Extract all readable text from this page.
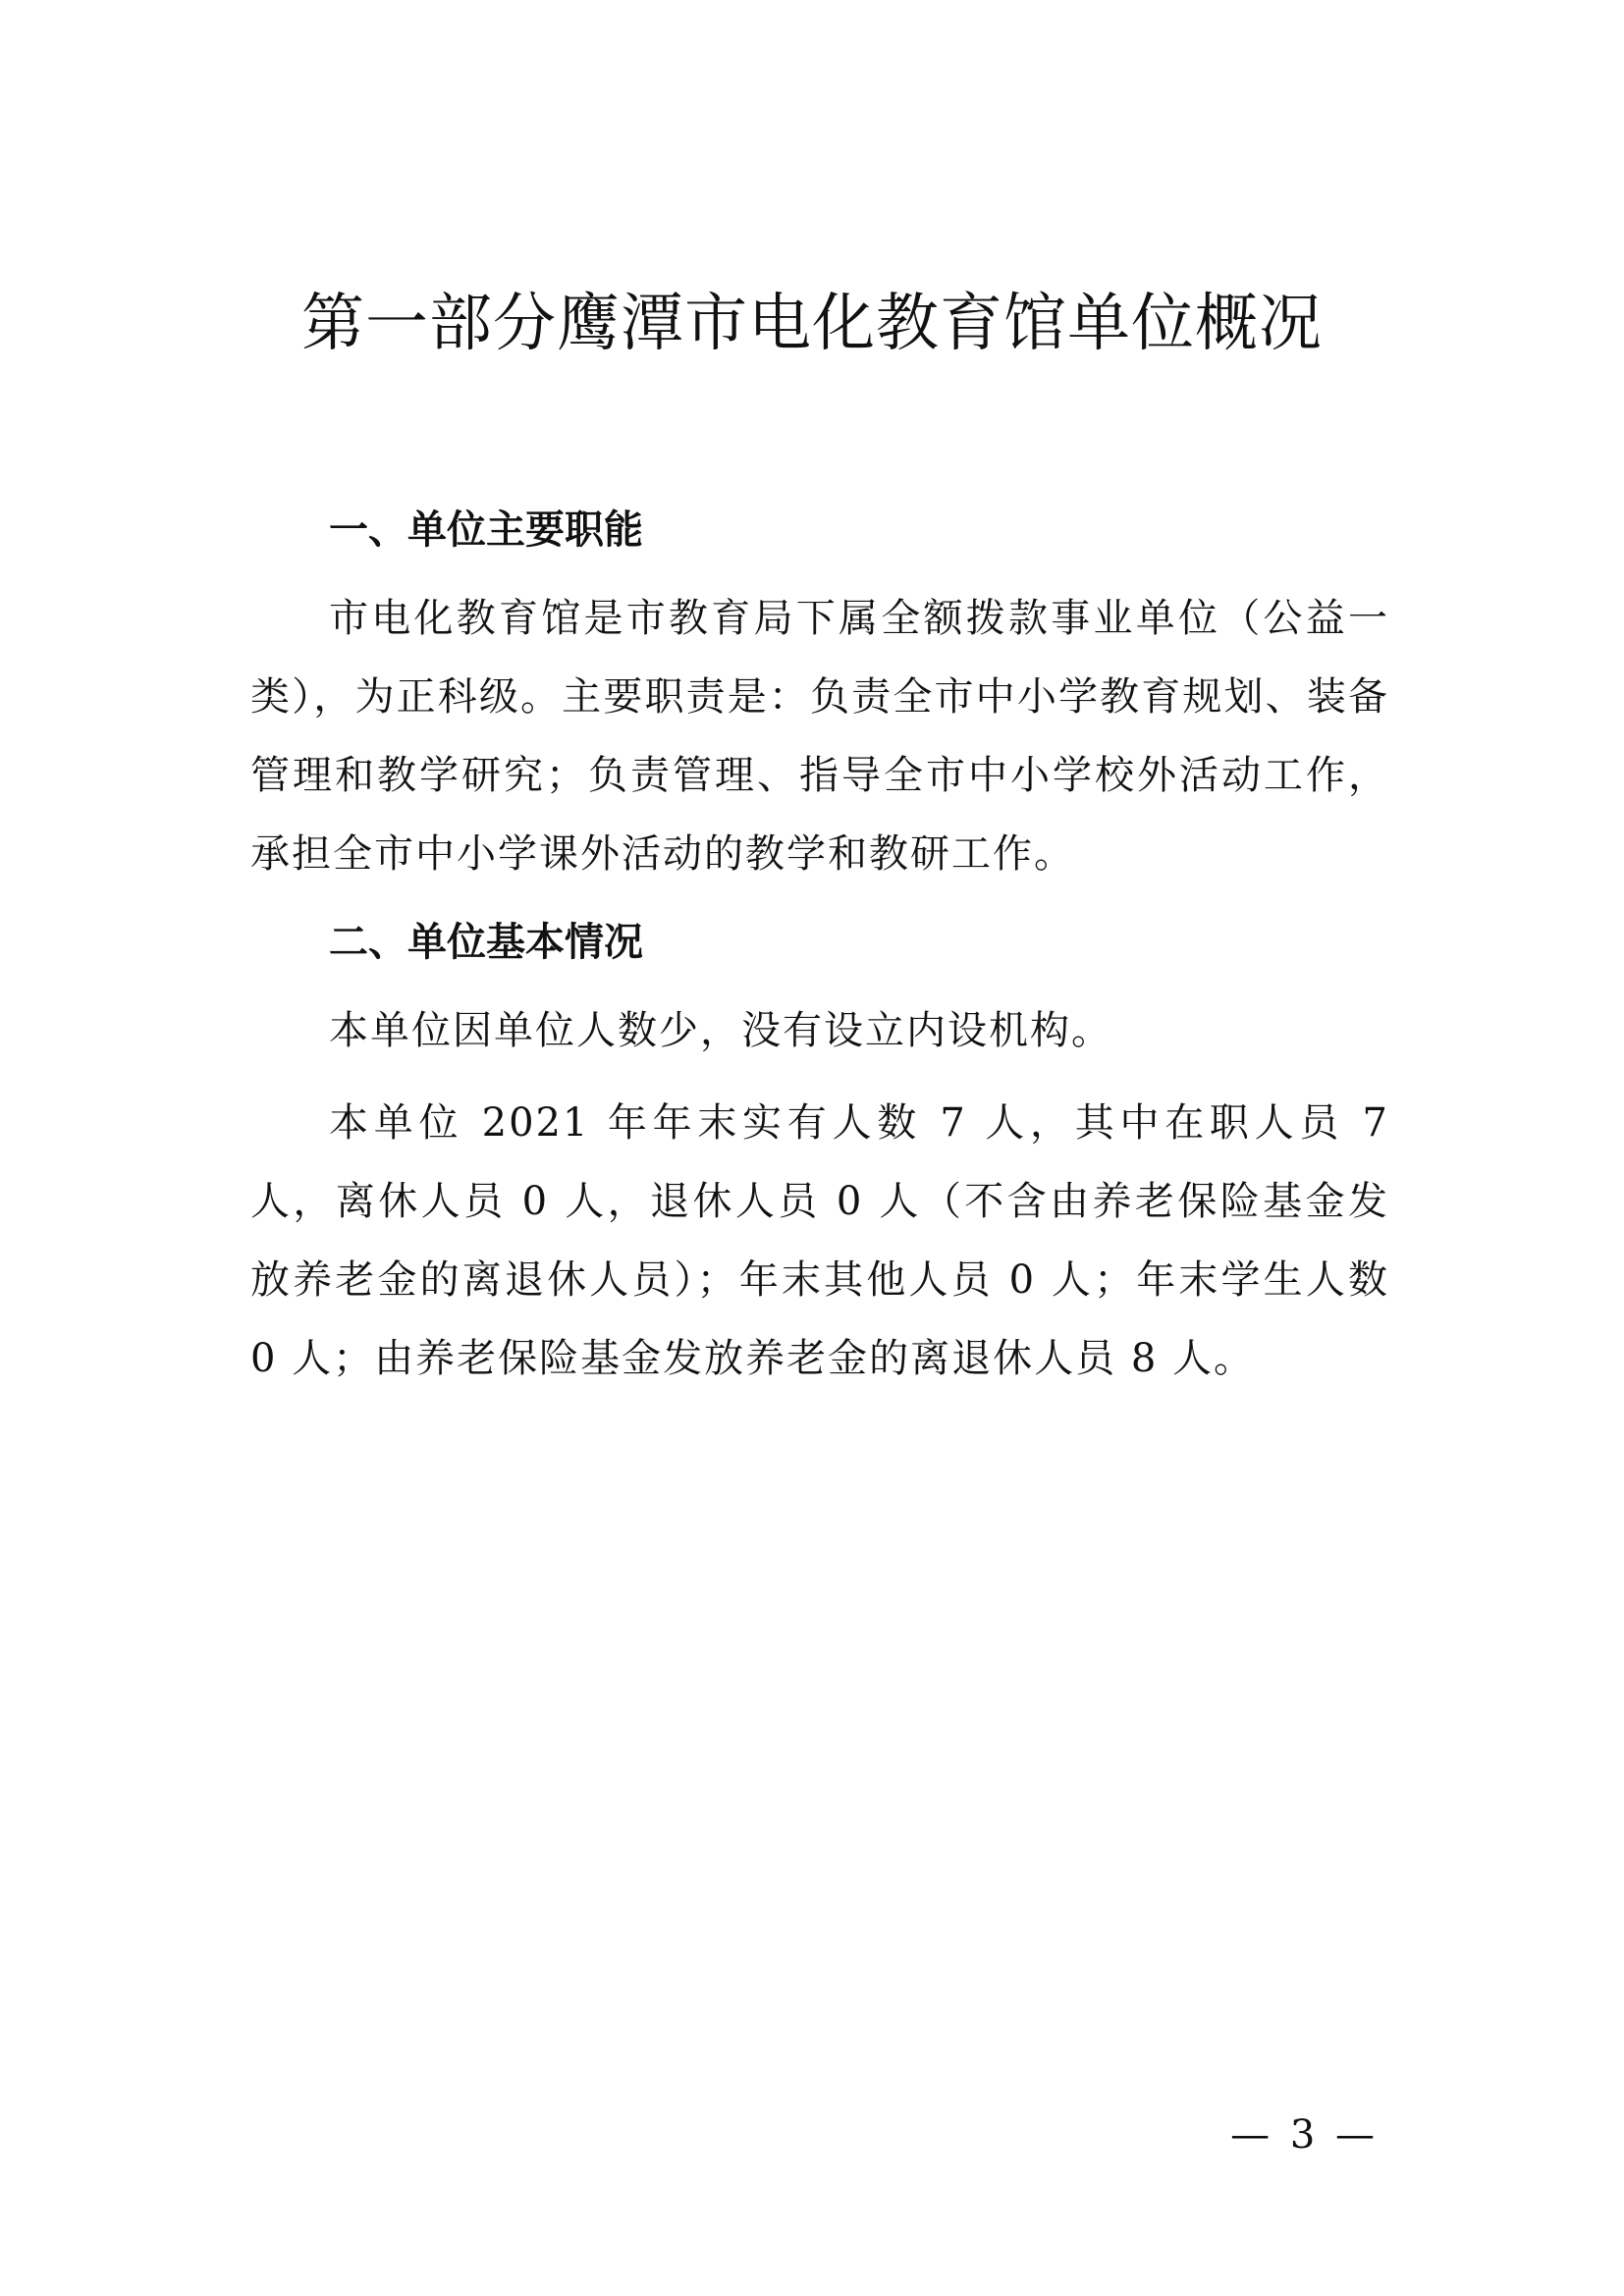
第一部分鹰潭市电化教育馆单位概况
一、单位主要职能

市电化教育馆是市教育局下属全额拨款事业单位（公益一类），为正科级。主要职责是：负责全市中小学教育规划、装备管理和教学研究；负责管理、指导全市中小学校外活动工作，承担全市中小学课外活动的教学和教研工作。

二、单位基本情况

本单位因单位人数少，没有设立内设机构。

本单位 2021 年年末实有人数 7 人，其中在职人员 7 人，离休人员 0 人，退休人员 0 人（不含由养老保险基金发放养老金的离退休人员）；年末其他人员 0 人；年末学生人数 0 人；由养老保险基金发放养老金的离退休人员 8 人。

— 3 —
